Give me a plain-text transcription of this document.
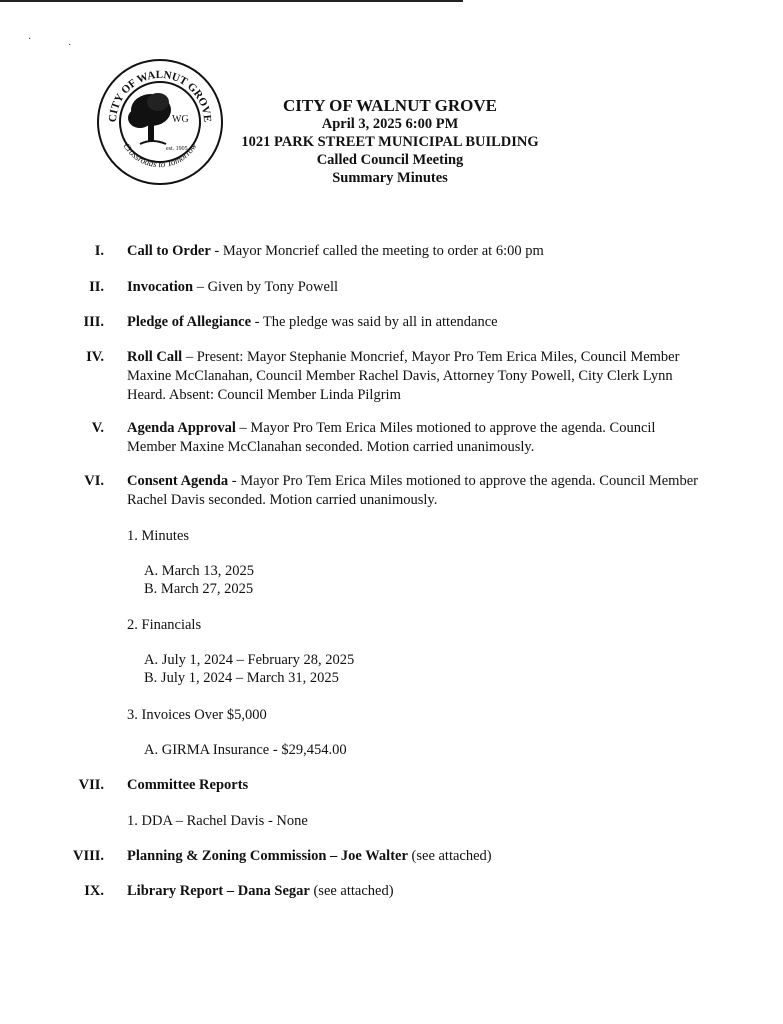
·
·
CITY OF WALNUT GROVE
Crossroads to Tomorrow
WG
est. 1905
CITY OF WALNUT GROVE
April 3, 2025 6:00 PM
1021 PARK STREET MUNICIPAL BUILDING
Called Council Meeting
Summary Minutes
I. Call to Order - Mayor Moncrief called the meeting to order at 6:00 pm
II. Invocation – Given by Tony Powell
III. Pledge of Allegiance - The pledge was said by all in attendance
IV. Roll Call – Present: Mayor Stephanie Moncrief, Mayor Pro Tem Erica Miles, Council Member Maxine McClanahan, Council Member Rachel Davis, Attorney Tony Powell, City Clerk Lynn Heard. Absent: Council Member Linda Pilgrim
V. Agenda Approval – Mayor Pro Tem Erica Miles motioned to approve the agenda. Council Member Maxine McClanahan seconded. Motion carried unanimously.
VI. Consent Agenda - Mayor Pro Tem Erica Miles motioned to approve the agenda. Council Member Rachel Davis seconded. Motion carried unanimously.
1. Minutes
A. March 13, 2025
B. March 27, 2025
2. Financials
A. July 1, 2024 – February 28, 2025
B. July 1, 2024 – March 31, 2025
3. Invoices Over $5,000
A. GIRMA Insurance - $29,454.00
VII. Committee Reports
1. DDA – Rachel Davis - None
VIII. Planning & Zoning Commission – Joe Walter (see attached)
IX. Library Report – Dana Segar (see attached)
